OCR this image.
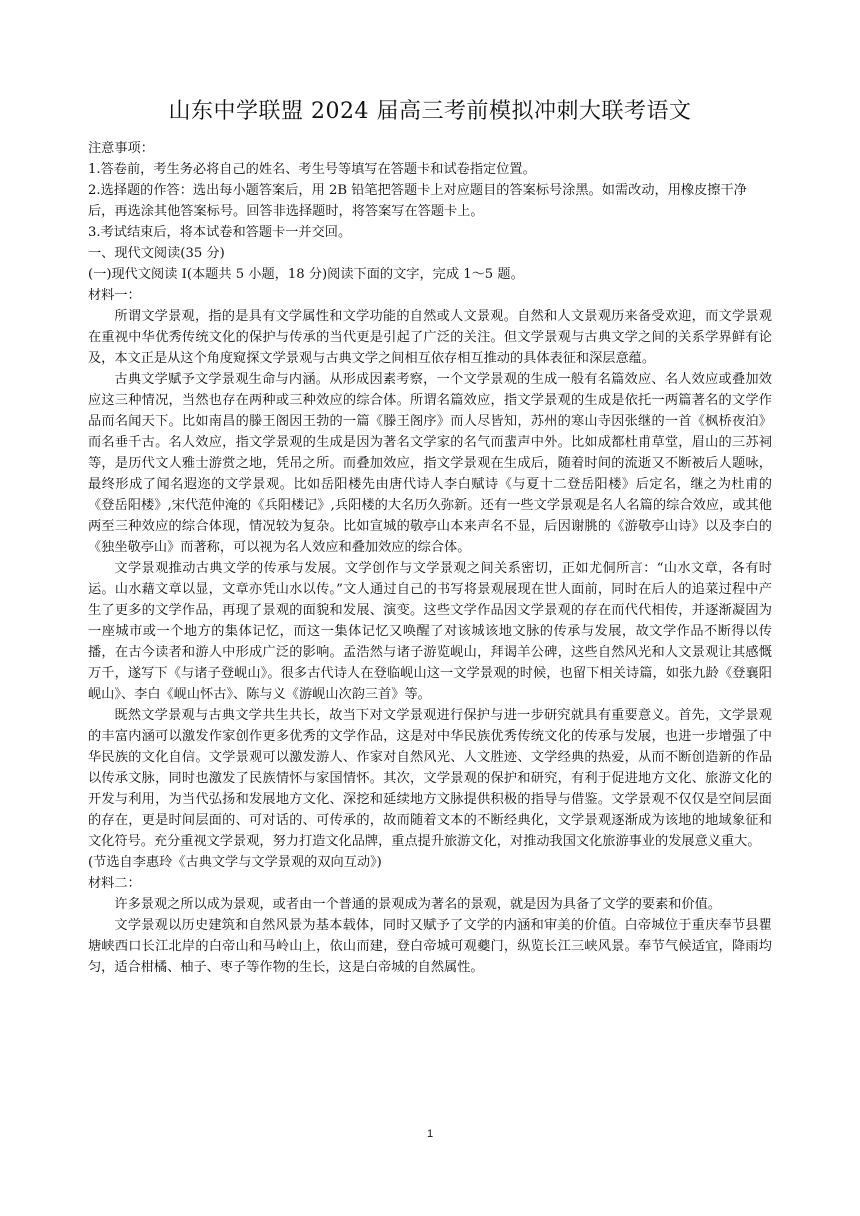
山东中学联盟 2024 届高三考前模拟冲刺大联考语文

注意事项：

1.答卷前，考生务必将自己的姓名、考生号等填写在答题卡和试卷指定位置。

2.选择题的作答：选出每小题答案后，用 2B 铅笔把答题卡上对应题目的答案标号涂黑。如需改动，用橡皮擦干净后，再选涂其他答案标号。回答非选择题时，将答案写在答题卡上。

3.考试结束后，将本试卷和答题卡一并交回。

一、现代文阅读(35 分)

(一)现代文阅读 I(本题共 5 小题，18 分)阅读下面的文字，完成 1～5 题。

材料一：

所谓文学景观，指的是具有文学属性和文学功能的自然或人文景观。自然和人文景观历来备受欢迎，而文学景观在重视中华优秀传统文化的保护与传承的当代更是引起了广泛的关注。但文学景观与古典文学之间的关系学界鲜有论及，本文正是从这个角度窥探文学景观与古典文学之间相互依存相互推动的具体表征和深层意蕴。

古典文学赋予文学景观生命与内涵。从形成因素考察，一个文学景观的生成一般有名篇效应、名人效应或叠加效应这三种情况，当然也存在两种或三种效应的综合体。所谓名篇效应，指文学景观的生成是依托一两篇著名的文学作品而名闻天下。比如南昌的滕王阁因王勃的一篇《滕王阁序》而人尽皆知，苏州的寒山寺因张继的一首《枫桥夜泊》而名垂千古。名人效应，指文学景观的生成是因为著名文学家的名气而蜚声中外。比如成都杜甫草堂，眉山的三苏祠等，是历代文人雅士游赏之地，凭吊之所。而叠加效应，指文学景观在生成后，随着时间的流逝又不断被后人题咏，最终形成了闻名遐迩的文学景观。比如岳阳楼先由唐代诗人李白赋诗《与夏十二登岳阳楼》后定名，继之为杜甫的《登岳阳楼》,宋代范仲淹的《兵阳楼记》,兵阳楼的大名历久弥新。还有一些文学景观是名人名篇的综合效应，或其他两至三种效应的综合体现，情况较为复杂。比如宣城的敬亭山本来声名不显，后因谢朓的《游敬亭山诗》以及李白的《独坐敬亭山》而著称，可以视为名人效应和叠加效应的综合体。

文学景观推动古典文学的传承与发展。文学创作与文学景观之间关系密切，正如尤侗所言：“山水文章，各有时运。山水藉文章以显，文章亦凭山水以传。”文人通过自己的书写将景观展现在世人面前，同时在后人的追菜过程中产生了更多的文学作品，再现了景观的面貌和发展、演变。这些文学作品因文学景观的存在而代代相传，并逐渐凝固为一座城市或一个地方的集体记忆，而这一集体记忆又唤醒了对该城该地文脉的传承与发展，故文学作品不断得以传播，在古今读者和游人中形成广泛的影响。孟浩然与诸子游览岘山，拜谒羊公碑，这些自然风光和人文景观让其感慨万千，遂写下《与诸子登岘山》。很多古代诗人在登临岘山这一文学景观的时候，也留下相关诗篇，如张九龄《登襄阳岘山》、李白《岘山怀古》、陈与义《游岘山次韵三首》等。

既然文学景观与古典文学共生共长，故当下对文学景观进行保护与进一步研究就具有重要意义。首先，文学景观的丰富内涵可以激发作家创作更多优秀的文学作品，这是对中华民族优秀传统文化的传承与发展，也进一步增强了中华民族的文化自信。文学景观可以激发游人、作家对自然风光、人文胜迹、文学经典的热爱，从而不断创造新的作品以传承文脉，同时也激发了民族情怀与家国情怀。其次，文学景观的保护和研究，有利于促进地方文化、旅游文化的开发与利用，为当代弘扬和发展地方文化、深挖和延续地方文脉提供积极的指导与借鉴。文学景观不仅仅是空间层面的存在，更是时间层面的、可对话的、可传承的，故而随着文本的不断经典化，文学景观逐渐成为该地的地域象征和文化符号。充分重视文学景观，努力打造文化品牌，重点提升旅游文化，对推动我国文化旅游事业的发展意义重大。

(节选自李惠玲《古典文学与文学景观的双向互动》)

材料二：

许多景观之所以成为景观，或者由一个普通的景观成为著名的景观，就是因为具备了文学的要素和价值。

文学景观以历史建筑和自然风景为基本载体，同时又赋予了文学的内涵和审美的价值。白帝城位于重庆奉节县瞿塘峡西口长江北岸的白帝山和马岭山上，依山而建，登白帝城可观夔门，纵览长江三峡风景。奉节气候适宜，降雨均匀，适合柑橘、柚子、枣子等作物的生长，这是白帝城的自然属性。

1
